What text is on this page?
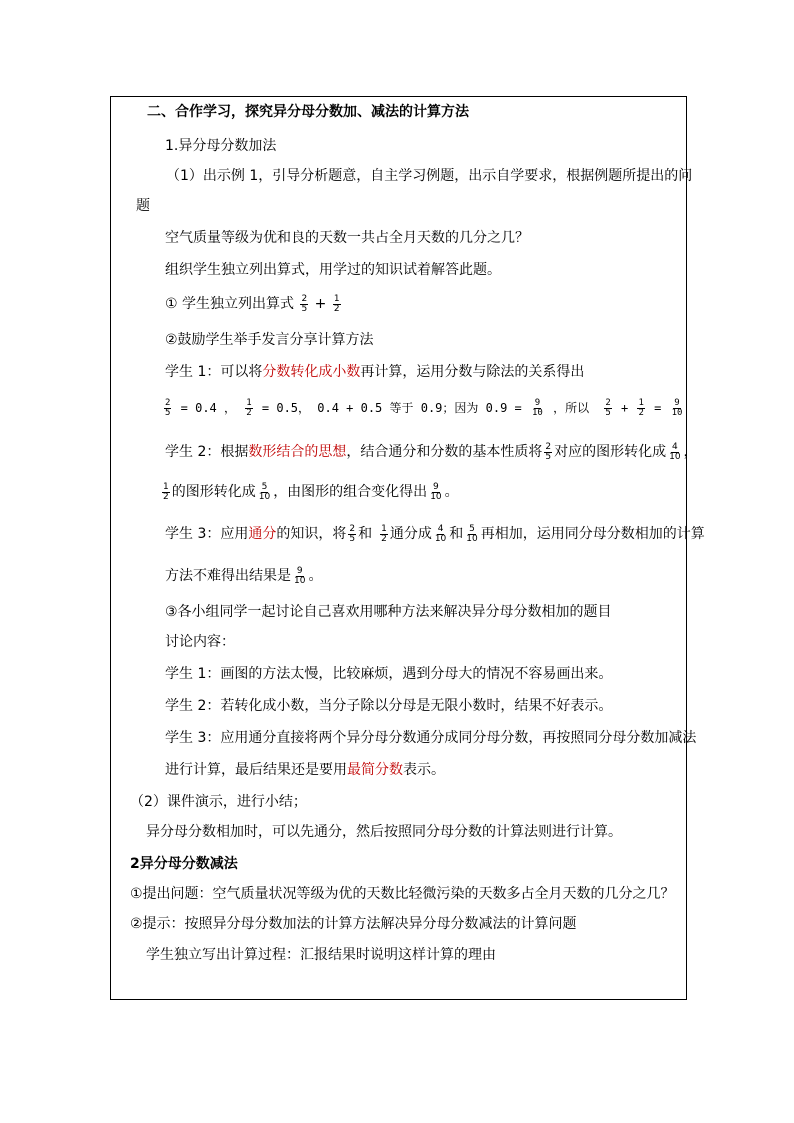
二、合作学习，探究异分母分数加、减法的计算方法
1.异分母分数加法
（1）出示例 1，引导分析题意，自主学习例题，出示自学要求，根据例题所提出的问
题
空气质量等级为优和良的天数一共占全月天数的几分之几？
组织学生独立列出算式，用学过的知识试着解答此题。
① 学生独立列出算式 $\frac{2}{5} + \frac{1}{2}$
②鼓励学生举手发言分享计算方法
学生 1：可以将分数转化成小数再计算，运用分数与除法的关系得出
$\frac{2}{5} = 0.4$ ， $\frac{1}{2} = 0.5$， 0.4 + 0.5 等于 0.9；因为 $0.9 = \frac{9}{10}$ ，所以 $\frac{2}{5} + \frac{1}{2} = \frac{9}{10}$
学生 2：根据数形结合的思想，结合通分和分数的基本性质将 $\frac{2}{5}$ 对应的图形转化成 $\frac{4}{10}$ ，
$\frac{1}{2}$ 的图形转化成 $\frac{5}{10}$ ，由图形的组合变化得出 $\frac{9}{10}$ 。
学生 3：应用通分的知识，将 $\frac{2}{5}$ 和 $\frac{1}{2}$ 通分成 $\frac{4}{10}$ 和 $\frac{5}{10}$ 再相加，运用同分母分数相加的计算
方法不难得出结果是 $\frac{9}{10}$ 。
③各小组同学一起讨论自己喜欢用哪种方法来解决异分母分数相加的题目
讨论内容：
学生 1：画图的方法太慢，比较麻烦，遇到分母大的情况不容易画出来。
学生 2：若转化成小数，当分子除以分母是无限小数时，结果不好表示。
学生 3：应用通分直接将两个异分母分数通分成同分母分数，再按照同分母分数加减法
进行计算，最后结果还是要用最简分数表示。
（2）课件演示，进行小结；
异分母分数相加时，可以先通分，然后按照同分母分数的计算法则进行计算。
2异分母分数减法
①提出问题：空气质量状况等级为优的天数比轻微污染的天数多占全月天数的几分之几？
②提示：按照异分母分数加法的计算方法解决异分母分数减法的计算问题
学生独立写出计算过程：汇报结果时说明这样计算的理由
